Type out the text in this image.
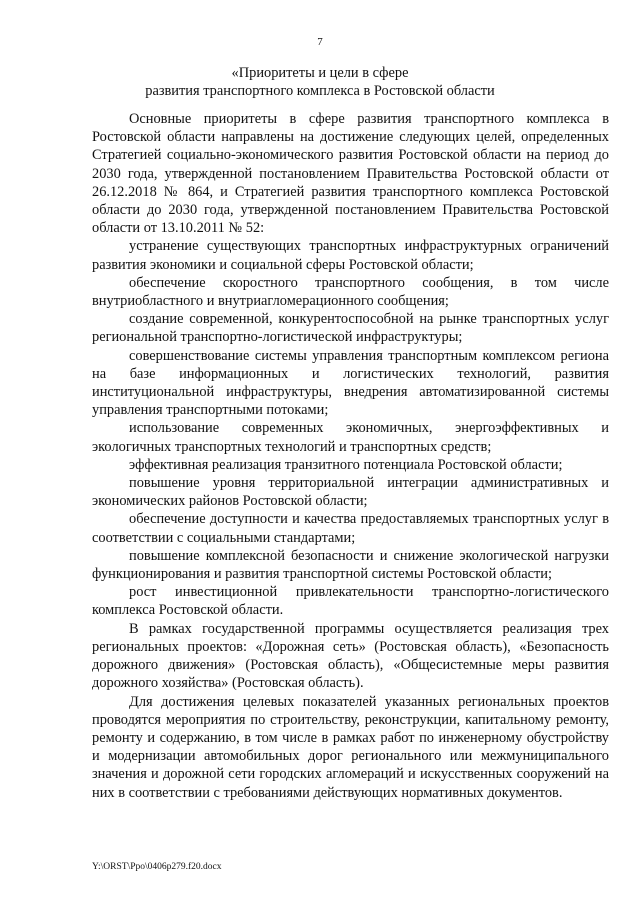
7
«Приоритеты и цели в сфере
развития транспортного комплекса в Ростовской области

Основные приоритеты в сфере развития транспортного комплекса в Ростовской области направлены на достижение следующих целей, определенных Стратегией социально-экономического развития Ростовской области на период до 2030 года, утвержденной постановлением Правительства Ростовской области от 26.12.2018 № 864, и Стратегией развития транспортного комплекса Ростовской области до 2030 года, утвержденной постановлением Правительства Ростовской области от 13.10.2011 № 52:

устранение существующих транспортных инфраструктурных ограничений развития экономики и социальной сферы Ростовской области;

обеспечение скоростного транспортного сообщения, в том числе внутриобластного и внутриагломерационного сообщения;

создание современной, конкурентоспособной на рынке транспортных услуг региональной транспортно-логистической инфраструктуры;

совершенствование системы управления транспортным комплексом региона на базе информационных и логистических технологий, развития институциональной инфраструктуры, внедрения автоматизированной системы управления транспортными потоками;

использование современных экономичных, энергоэффективных и экологичных транспортных технологий и транспортных средств;

эффективная реализация транзитного потенциала Ростовской области;

повышение уровня территориальной интеграции административных и экономических районов Ростовской области;

обеспечение доступности и качества предоставляемых транспортных услуг в соответствии с социальными стандартами;

повышение комплексной безопасности и снижение экологической нагрузки функционирования и развития транспортной системы Ростовской области;

рост инвестиционной привлекательности транспортно-логистического комплекса Ростовской области.

В рамках государственной программы осуществляется реализация трех региональных проектов: «Дорожная сеть» (Ростовская область), «Безопасность дорожного движения» (Ростовская область), «Общесистемные меры развития дорожного хозяйства» (Ростовская область).

Для достижения целевых показателей указанных региональных проектов проводятся мероприятия по строительству, реконструкции, капитальному ремонту, ремонту и содержанию, в том числе в рамках работ по инженерному обустройству и модернизации автомобильных дорог регионального или межмуниципального значения и дорожной сети городских агломераций и искусственных сооружений на них в соответствии с требованиями действующих нормативных документов.

Y:\ORST\Ppo\0406p279.f20.docx
